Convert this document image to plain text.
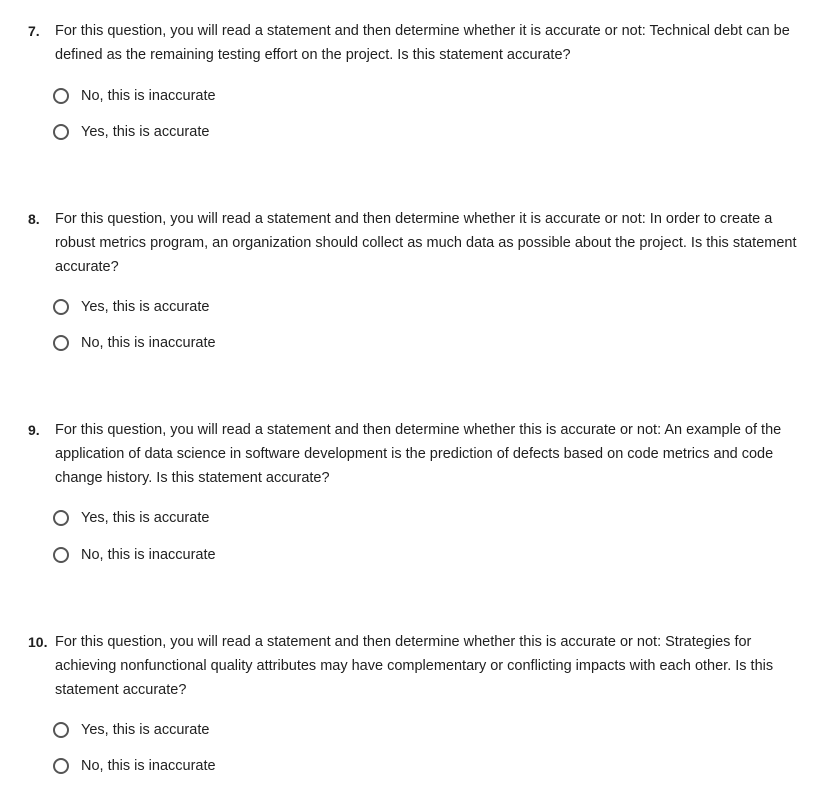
7. For this question, you will read a statement and then determine whether it is accurate or not: Technical debt can be defined as the remaining testing effort on the project. Is this statement accurate?
No, this is inaccurate
Yes, this is accurate
8. For this question, you will read a statement and then determine whether it is accurate or not: In order to create a robust metrics program, an organization should collect as much data as possible about the project. Is this statement accurate?
Yes, this is accurate
No, this is inaccurate
9. For this question, you will read a statement and then determine whether this is accurate or not: An example of the application of data science in software development is the prediction of defects based on code metrics and code change history. Is this statement accurate?
Yes, this is accurate
No, this is inaccurate
10. For this question, you will read a statement and then determine whether this is accurate or not: Strategies for achieving nonfunctional quality attributes may have complementary or conflicting impacts with each other. Is this statement accurate?
Yes, this is accurate
No, this is inaccurate
